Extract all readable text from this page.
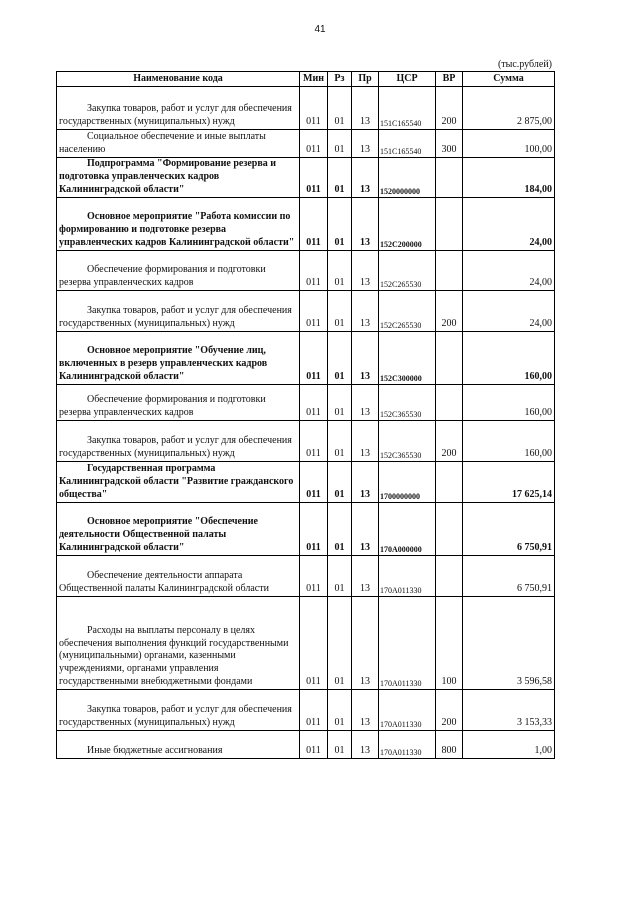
41
(тыс.рублей)
Наименование кода	Мин	Рз	Пр	ЦСР	ВР	Сумма

Закупка товаров, работ и услуг для обеспечения государственных (муниципальных) нужд	011	01	13	151C165540	200	2 875,00

Социальное обеспечение и иные выплаты населению	011	01	13	151C165540	300	100,00

Подпрограмма "Формирование резерва и подготовка управленческих кадров Калининградской области"	011	01	13	1520000000		184,00

Основное мероприятие "Работа комиссии по формированию и подготовке резерва управленческих кадров Калининградской области"	011	01	13	152C200000		24,00

Обеспечение формирования и подготовки резерва управленческих кадров	011	01	13	152C265530		24,00

Закупка товаров, работ и услуг для обеспечения государственных (муниципальных) нужд	011	01	13	152C265530	200	24,00

Основное мероприятие "Обучение лиц, включенных в резерв управленческих кадров Калининградской области"	011	01	13	152C300000		160,00

Обеспечение формирования и подготовки резерва управленческих кадров	011	01	13	152C365530		160,00

Закупка товаров, работ и услуг для обеспечения государственных (муниципальных) нужд	011	01	13	152C365530	200	160,00

Государственная программа Калининградской области "Развитие гражданского общества"	011	01	13	1700000000		17 625,14

Основное мероприятие "Обеспечение деятельности Общественной палаты Калининградской области"	011	01	13	170А000000		6 750,91

Обеспечение деятельности аппарата Общественной палаты Калининградской области	011	01	13	170А011330		6 750,91

Расходы на выплаты персоналу в целях обеспечения выполнения функций государственными (муниципальными) органами, казенными учреждениями, органами управления государственными внебюджетными фондами	011	01	13	170А011330	100	3 596,58

Закупка товаров, работ и услуг для обеспечения государственных (муниципальных) нужд	011	01	13	170А011330	200	3 153,33

Иные бюджетные ассигнования	011	01	13	170А011330	800	1,00
